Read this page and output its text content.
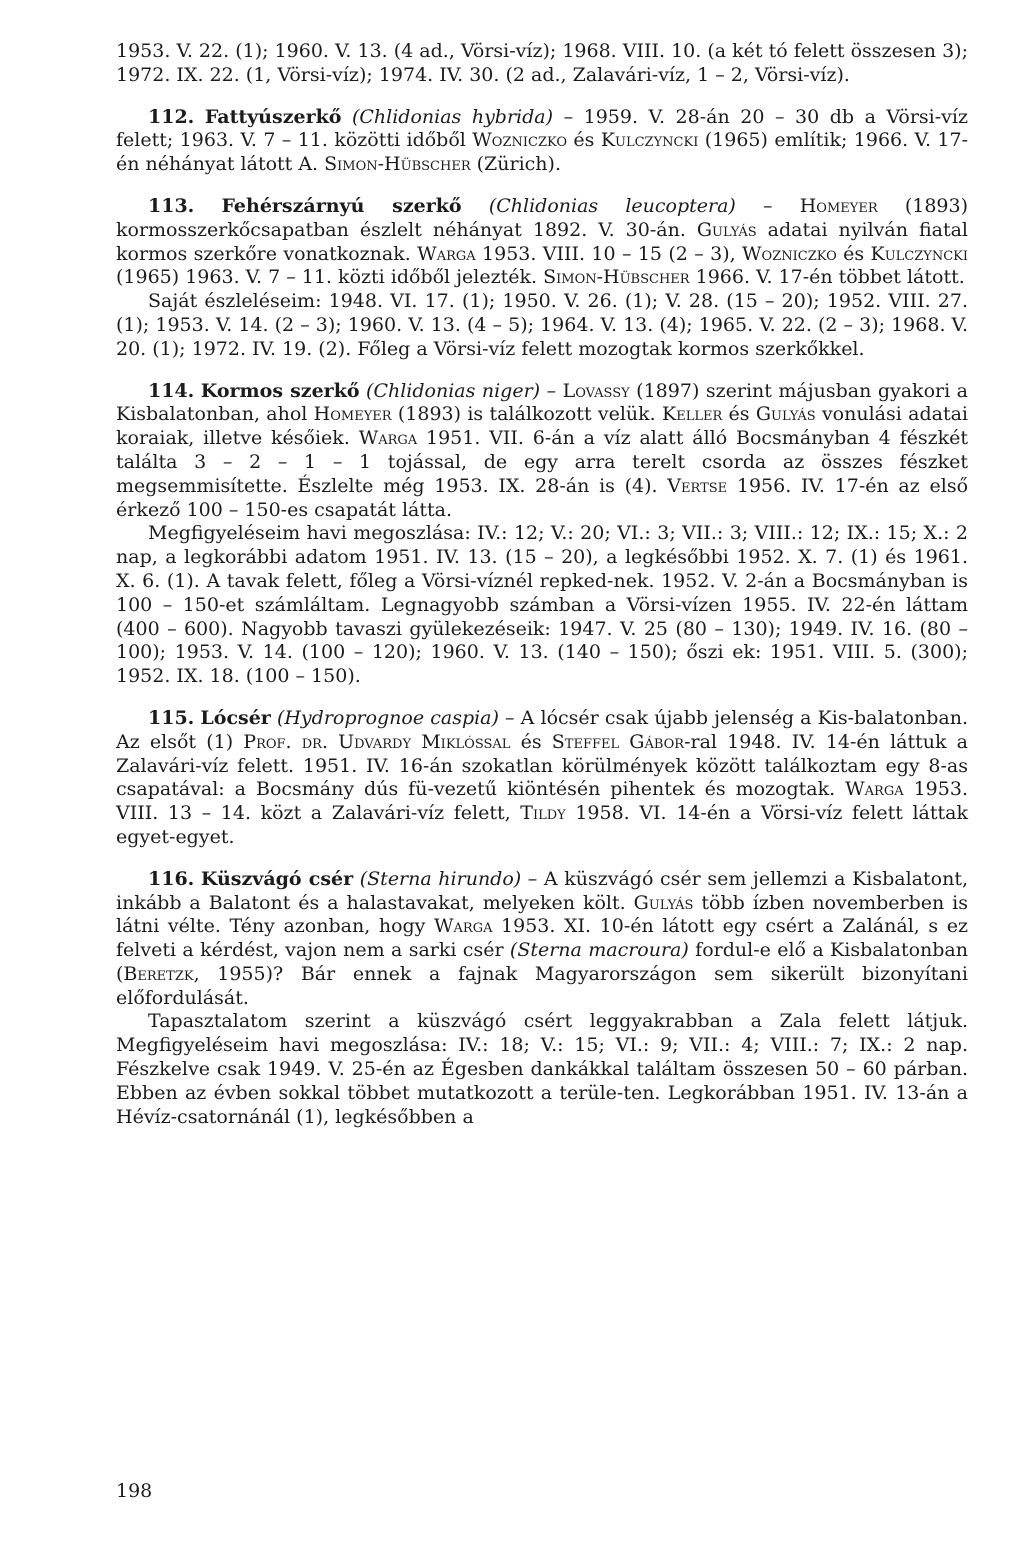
1953. V. 22. (1); 1960. V. 13. (4 ad., Vörsi-víz); 1968. VIII. 10. (a két tó felett összesen 3); 1972. IX. 22. (1, Vörsi-víz); 1974. IV. 30. (2 ad., Zalavári-víz, 1 – 2, Vörsi-víz).

112. Fattyúszerkő (Chlidonias hybrida) – 1959. V. 28-án 20 – 30 db a Vörsi-víz felett; 1963. V. 7 – 11. közötti időből Wozniczko és Kulczyncki (1965) említik; 1966. V. 17-én néhányat látott A. Simon-Hübscher (Zürich).

113. Fehérszárnyú szerkő (Chlidonias leucoptera) – Homeyer (1893) kormosszerkőcsapatban észlelt néhányat 1892. V. 30-án. Gulyás adatai nyilván fiatal kormos szerkőre vonatkoznak. Warga 1953. VIII. 10 – 15 (2 – 3), Wozniczko és Kulczyncki (1965) 1963. V. 7 – 11. közti időből jelezték. Simon-Hübscher 1966. V. 17-én többet látott.

Saját észleléseim: 1948. VI. 17. (1); 1950. V. 26. (1); V. 28. (15 – 20); 1952. VIII. 27. (1); 1953. V. 14. (2 – 3); 1960. V. 13. (4 – 5); 1964. V. 13. (4); 1965. V. 22. (2 – 3); 1968. V. 20. (1); 1972. IV. 19. (2). Főleg a Vörsi-víz felett mozogtak kormos szerkőkkel.

114. Kormos szerkő (Chlidonias niger) – Lovassy (1897) szerint májusban gyakori a Kisbalatonban, ahol Homeyer (1893) is találkozott velük. Keller és Gulyás vonulási adatai koraiak, illetve későiek. Warga 1951. VII. 6-án a víz alatt álló Bocsmányban 4 fészkét találta 3 – 2 – 1 – 1 tojással, de egy arra terelt csorda az összes fészket megsemmisítette. Észlelte még 1953. IX. 28-án is (4). Vertse 1956. IV. 17-én az első érkező 100 – 150-es csapatát látta.

Megfigyeléseim havi megoszlása: IV.: 12; V.: 20; VI.: 3; VII.: 3; VIII.: 12; IX.: 15; X.: 2 nap, a legkorábbi adatom 1951. IV. 13. (15 – 20), a legkésőbbi 1952. X. 7. (1) és 1961. X. 6. (1). A tavak felett, főleg a Vörsi-víznél repked-nek. 1952. V. 2-án a Bocsmányban is 100 – 150-et számláltam. Legnagyobb számban a Vörsi-vízen 1955. IV. 22-én láttam (400 – 600). Nagyobb tavaszi gyülekezéseik: 1947. V. 25 (80 – 130); 1949. IV. 16. (80 – 100); 1953. V. 14. (100 – 120); 1960. V. 13. (140 – 150); őszi ek: 1951. VIII. 5. (300); 1952. IX. 18. (100 – 150).

115. Lócsér (Hydroprognoe caspia) – A lócsér csak újabb jelenség a Kis-balatonban. Az elsőt (1) Prof. dr. Udvardy Miklóssal és Steffel Gábor-ral 1948. IV. 14-én láttuk a Zalavári-víz felett. 1951. IV. 16-án szokatlan körülmények között találkoztam egy 8-as csapatával: a Bocsmány dús fü-vezetű kiöntésén pihentek és mozogtak. Warga 1953. VIII. 13 – 14. közt a Zalavári-víz felett, Tildy 1958. VI. 14-én a Vörsi-víz felett láttak egyet-egyet.

116. Küszvágó csér (Sterna hirundo) – A küszvágó csér sem jellemzi a Kisbalatont, inkább a Balatont és a halastavakat, melyeken költ. Gulyás több ízben novemberben is látni vélte. Tény azonban, hogy Warga 1953. XI. 10-én látott egy csért a Zalánál, s ez felveti a kérdést, vajon nem a sarki csér (Sterna macroura) fordul-e elő a Kisbalatonban (Beretzk, 1955)? Bár ennek a fajnak Magyarországon sem sikerült bizonyítani előfordulását.

Tapasztalatom szerint a küszvágó csért leggyakrabban a Zala felett látjuk. Megfigyeléseim havi megoszlása: IV.: 18; V.: 15; VI.: 9; VII.: 4; VIII.: 7; IX.: 2 nap. Fészkelve csak 1949. V. 25-én az Égesben dankákkal találtam összesen 50 – 60 párban. Ebben az évben sokkal többet mutatkozott a terüle-ten. Legkorábban 1951. IV. 13-án a Hévíz-csatornánál (1), legkésőbben a

198
